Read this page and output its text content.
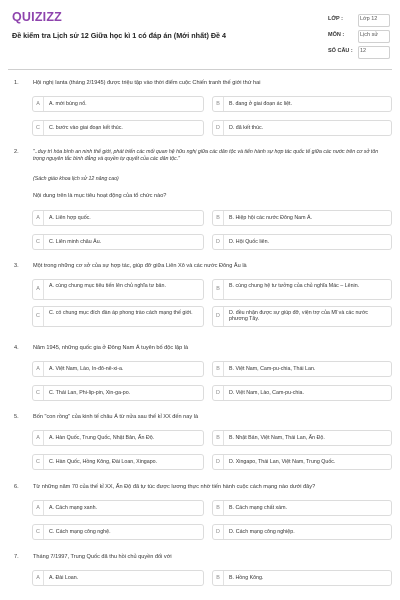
QUIZIZZ
Đề kiểm tra Lịch sử 12 Giữa học kì 1 có đáp án (Mới nhất) Đề 4
LỚP :	Lớp 12
MÔN :	Lịch sử
SỐ CÂU : 12
1.	Hội nghị Ianta (tháng 2/1945) được triệu tập vào thời điểm cuộc Chiến tranh thế giới thứ hai
A	A. mới bùng nổ.	B	B. đang ở giai đoạn ác liệt.
C	C. bước vào giai đoạn kết thúc.	D	D. đã kết thúc.
2.	"..duy trì hòa bình an ninh thế giới, phát triển các mối quan hệ hữu nghị giữa các dân tộc và tiến hành sự hợp tác quốc tế giữa các nước trên cơ sở tôn trọng nguyên tắc bình đẳng và quyền tự quyết của các dân tộc."
(Sách giáo khoa lịch sử 12 nâng cao)
Nội dung trên là mục tiêu hoạt động của tổ chức nào?
A	A. Liên hợp quốc.	B	B. Hiệp hội các nước Đông Nam Á.
C	C. Liên minh châu Âu.	D	D. Hội Quốc liên.
3.	Một trong những cơ sở của sự hợp tác, giúp đỡ giữa Liên Xô và các nước Đông Âu là
A
A. cùng chung mục tiêu tiến lên chủ nghĩa tư bản.
B
B. cùng chung hệ tư tưởng của chủ nghĩa Mác – Lênin.
C
C. có chung mục đích đàn áp phong trào cách mạng thế giới.
D
D. đều nhận được sự giúp đỡ, viện trợ của Mĩ và các nước phương Tây.
4.	Năm 1945, những quốc gia ở Đông Nam Á tuyên bố độc lập là
A	A. Việt Nam, Lào, In-đô-nê-xi-a.	B	B. Việt Nam, Cam-pu-chia, Thái Lan.
C	C. Thái Lan, Phi-lip-pin, Xin-ga-po.	D	D. Việt Nam, Lào, Cam-pu-chia.
5.	Bốn "con rồng" của kinh tế châu Á từ nửa sau thế kỉ XX đến nay là
A	A. Hàn Quốc, Trung Quốc, Nhật Bản, Ấn Độ.	B	B. Nhật Bản, Việt Nam, Thái Lan, Ấn Độ.
C	C. Hàn Quốc, Hồng Kông, Đài Loan, Xingapo.	D	D. Xingapo, Thái Lan, Việt Nam, Trung Quốc.
6.	Từ những năm 70 của thế kỉ XX, Ấn Độ đã tự túc được lương thực nhờ tiến hành cuộc cách mạng nào dưới đây?
A	A. Cách mạng xanh.	B	B. Cách mạng chất xám.
C	C. Cách mạng công nghệ.	D	D. Cách mạng công nghiệp.
7.	Tháng 7/1997, Trung Quốc đã thu hồi chủ quyền đối với
A	A. Đài Loan.	B	B. Hồng Kông.
